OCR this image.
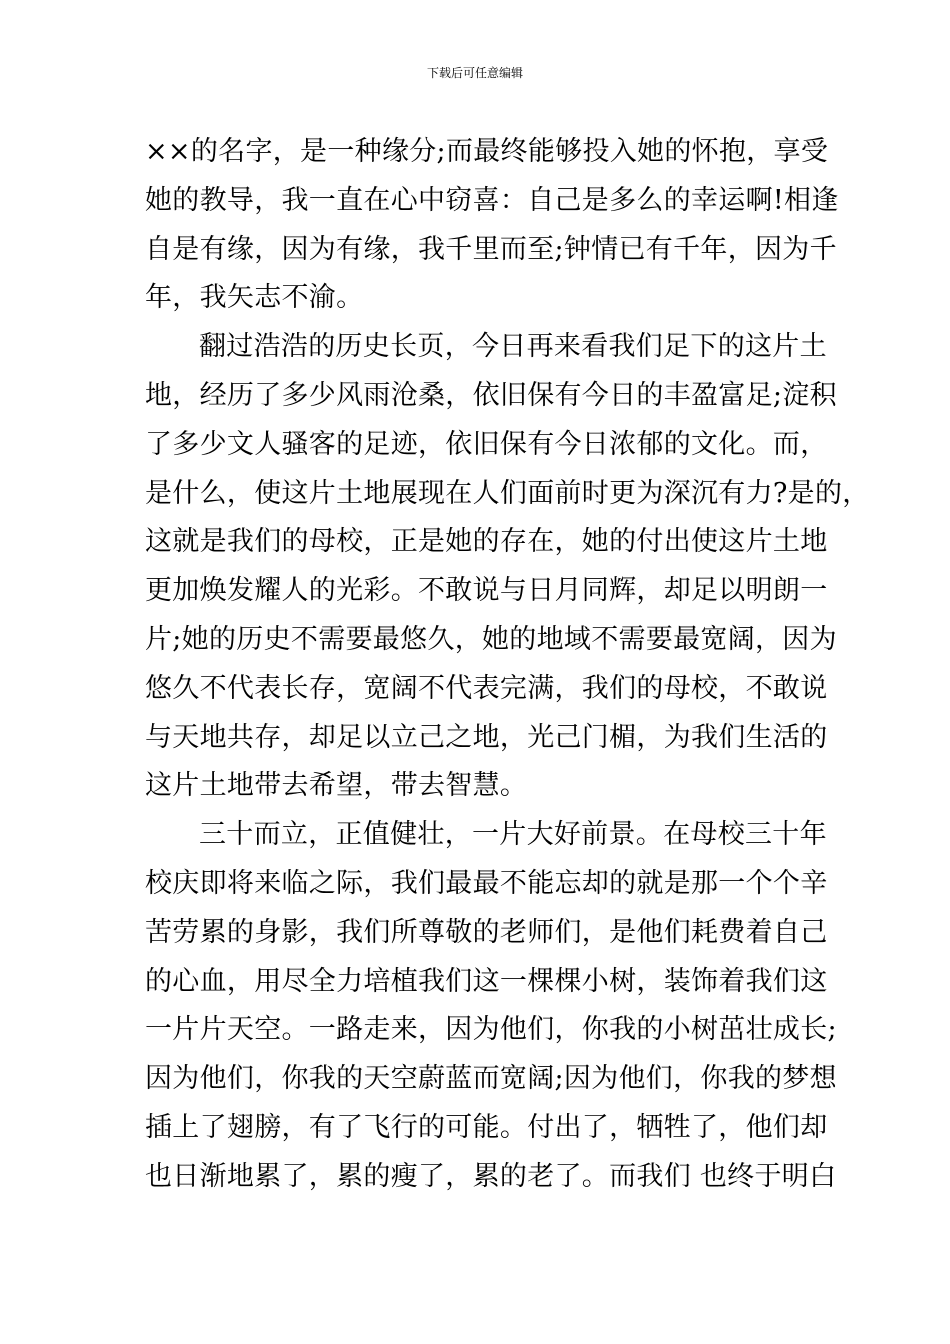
下载后可任意编辑
××的名字，是一种缘分;而最终能够投入她的怀抱，享受
她的教导，我一直在心中窃喜：自己是多么的幸运啊!相逢
自是有缘，因为有缘，我千里而至;钟情已有千年，因为千
年，我矢志不渝。
翻过浩浩的历史长页，今日再来看我们足下的这片土
地，经历了多少风雨沧桑，依旧保有今日的丰盈富足;淀积
了多少文人骚客的足迹，依旧保有今日浓郁的文化。而，
是什么，使这片土地展现在人们面前时更为深沉有力?是的，
这就是我们的母校，正是她的存在，她的付出使这片土地
更加焕发耀人的光彩。不敢说与日月同辉，却足以明朗一
片;她的历史不需要最悠久，她的地域不需要最宽阔，因为
悠久不代表长存，宽阔不代表完满，我们的母校，不敢说
与天地共存，却足以立己之地，光己门楣，为我们生活的
这片土地带去希望，带去智慧。
三十而立，正值健壮，一片大好前景。在母校三十年
校庆即将来临之际，我们最最不能忘却的就是那一个个辛
苦劳累的身影，我们所尊敬的老师们，是他们耗费着自己
的心血，用尽全力培植我们这一棵棵小树，装饰着我们这
一片片天空。一路走来，因为他们，你我的小树茁壮成长;
因为他们，你我的天空蔚蓝而宽阔;因为他们，你我的梦想
插上了翅膀，有了飞行的可能。付出了，牺牲了，他们却
也日渐地累了，累的瘦了，累的老了。而我们 也终于明白
